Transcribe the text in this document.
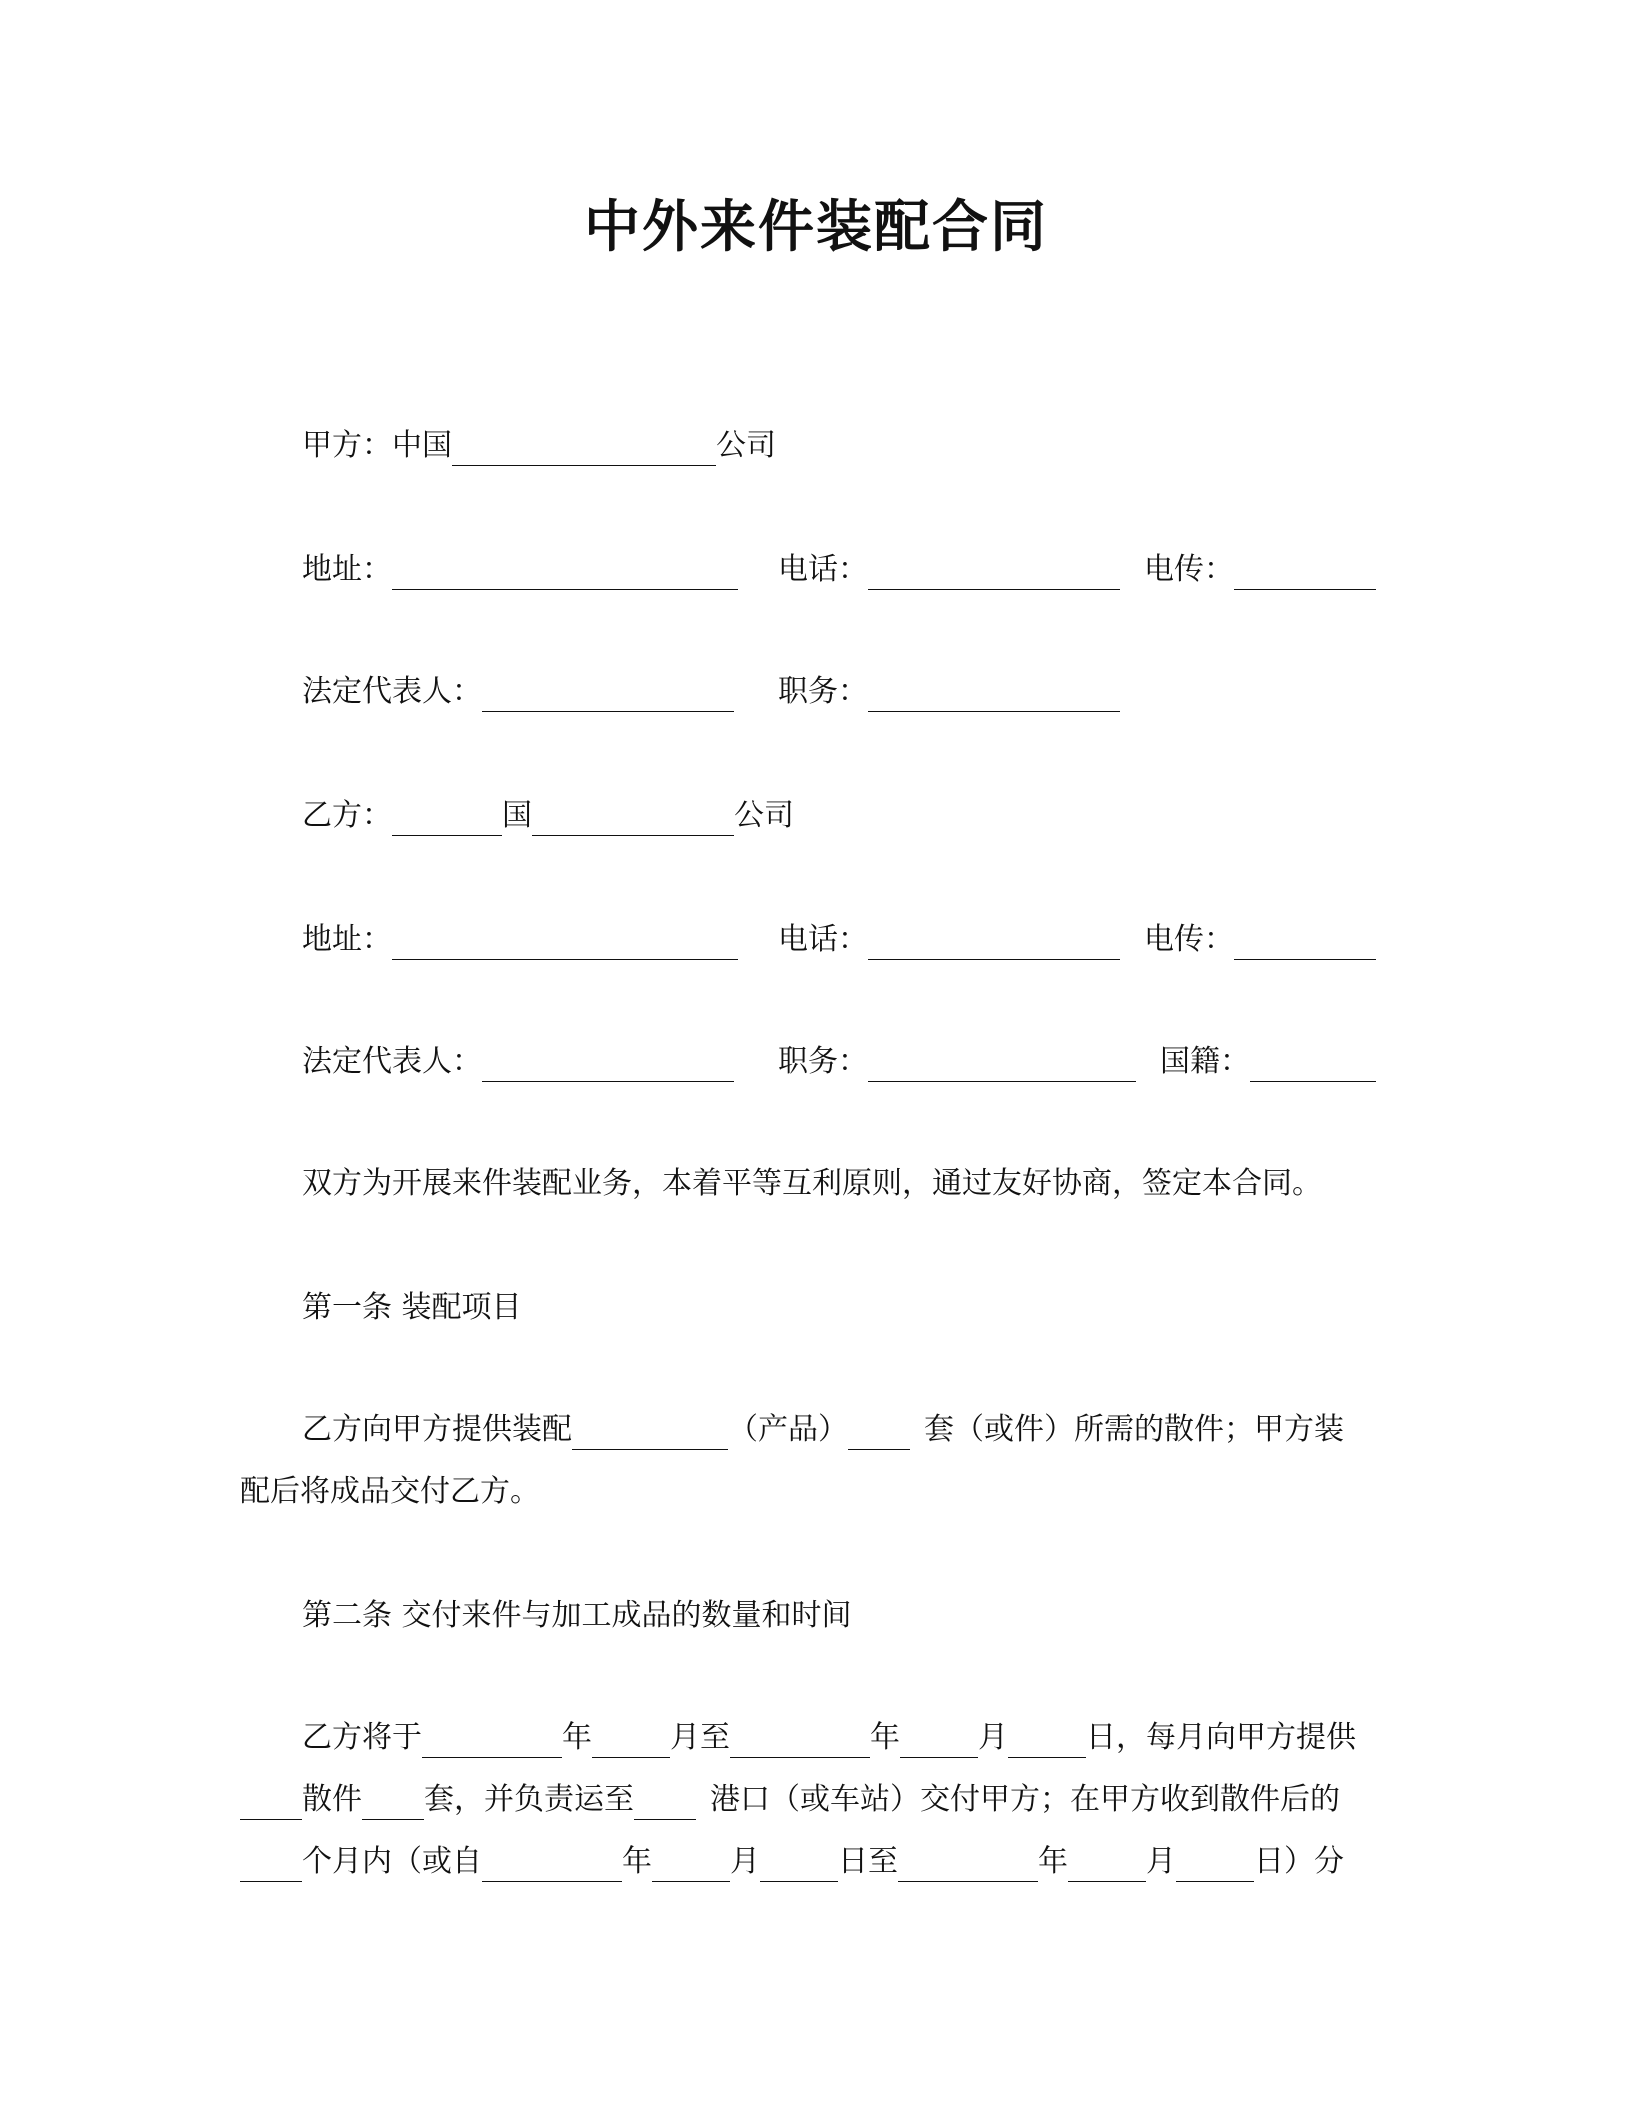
中外来件装配合同
甲方：中国	公司
地址：	电话：	电传：
法定代表人：	职务：
乙方：	国	公司
地址：	电话：	电传：
法定代表人：	职务：	国籍：
双方为开展来件装配业务，本着平等互利原则，通过友好协商，签定本合同。
第一条 装配项目
乙方向甲方提供装配	（产品）	套（或件）所需的散件；甲方装
配后将成品交付乙方。
第二条 交付来件与加工成品的数量和时间
乙方将于	年	月至	年	月	日，每月向甲方提供
散件 套，并负责运至	港口（或车站）交付甲方；在甲方收到散件后的
个月内（或自	年	月	日至	年	月	日）分
